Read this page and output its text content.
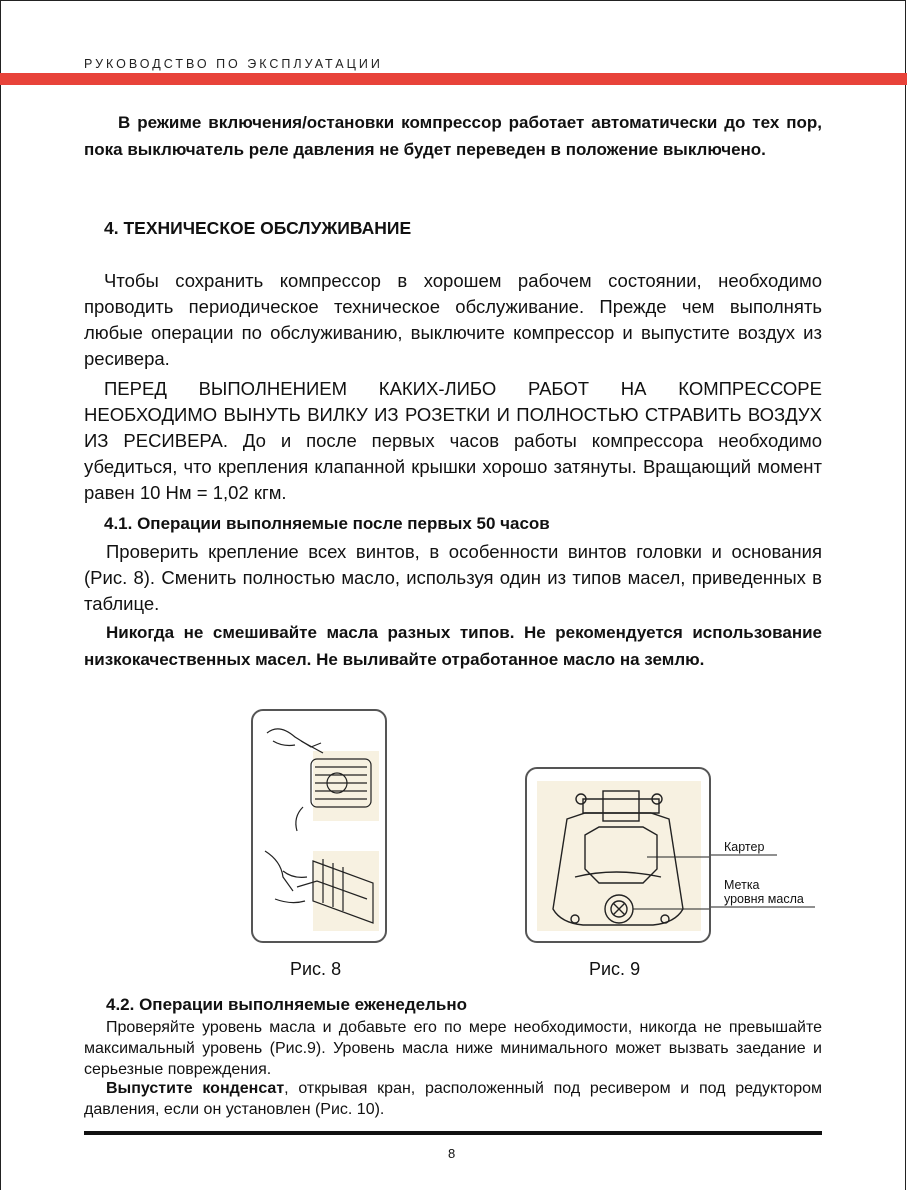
РУКОВОДСТВО ПО ЭКСПЛУАТАЦИИ

В режиме включения/остановки компрессор работает автоматически до тех пор, пока выключатель реле давления не будет переведен в положение выключено.

4. ТЕХНИЧЕСКОЕ ОБСЛУЖИВАНИЕ

Чтобы сохранить компрессор в хорошем рабочем состоянии, необходимо проводить периодическое техническое обслуживание. Прежде чем выполнять любые операции по обслуживанию, выключите компрессор и выпустите воздух из ресивера.

ПЕРЕД ВЫПОЛНЕНИЕМ КАКИХ-ЛИБО РАБОТ НА КОМПРЕССОРЕ НЕОБХОДИМО ВЫНУТЬ ВИЛКУ ИЗ РОЗЕТКИ И ПОЛНОСТЬЮ СТРАВИТЬ ВОЗДУХ ИЗ РЕСИВЕРА. До и после первых часов работы компрессора необходимо убедиться, что крепления клапанной крышки хорошо затянуты. Вращающий момент равен 10 Нм = 1,02 кгм.

4.1. Операции выполняемые после первых 50 часов

Проверить крепление всех винтов, в особенности винтов головки и основания (Рис. 8). Сменить полностью масло, используя один из типов масел, приведенных в таблице.

Никогда не смешивайте масла разных типов. Не рекомендуется использование низкокачественных масел. Не выливайте отработанное масло на землю.

Рис. 8
Картер
Метка
уровня масла
Рис. 9

4.2. Операции выполняемые еженедельно

Проверяйте уровень масла и добавьте его по мере необходимости, никогда не превышайте максимальный уровень (Рис.9). Уровень масла ниже минимального может вызвать заедание и серьезные повреждения.

Выпустите конденсат, открывая кран, расположенный под ресивером и под редуктором давления, если он установлен (Рис. 10).

8
